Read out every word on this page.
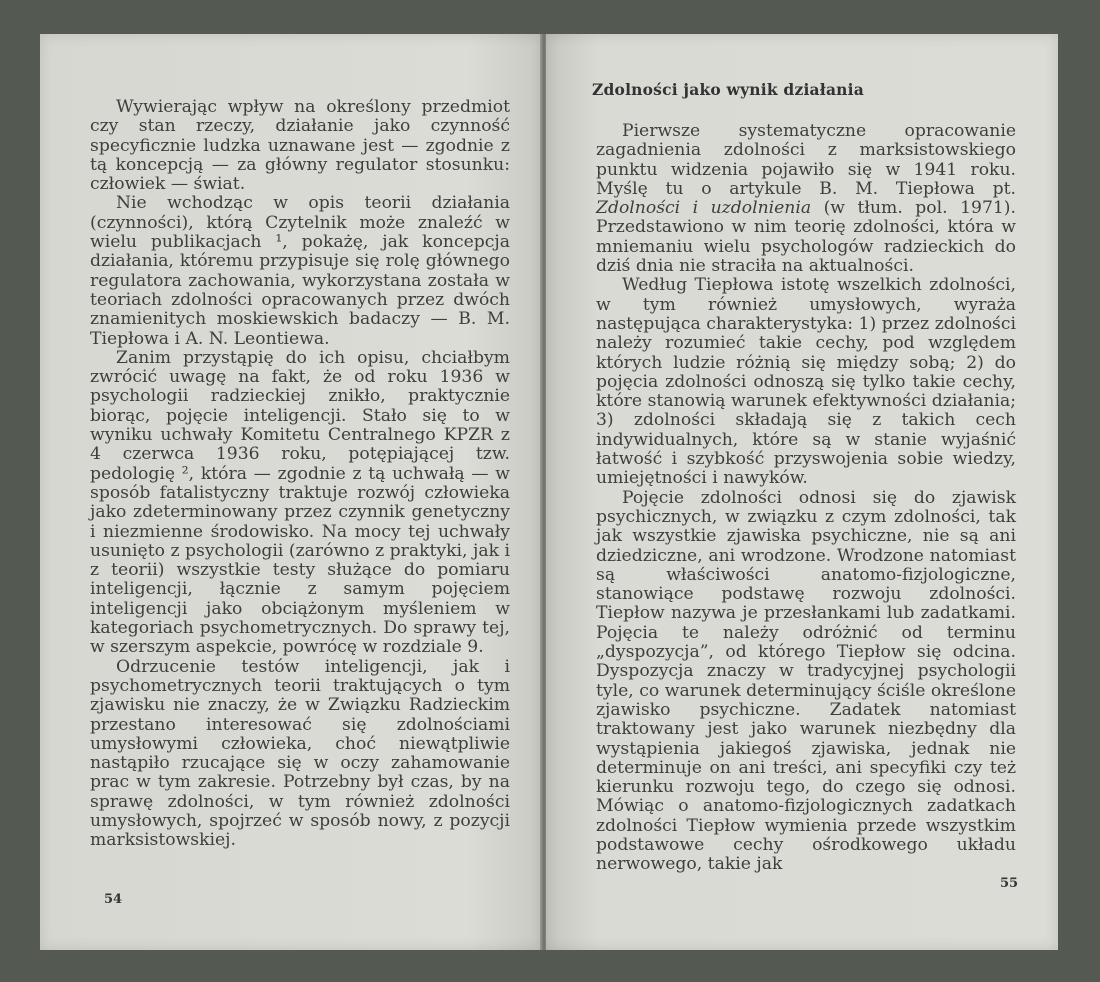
Wywierając wpływ na określony przedmiot czy stan rzeczy, działanie jako czynność specyficznie ludzka uznawane jest — zgodnie z tą koncepcją — za główny regulator stosunku: człowiek — świat.

Nie wchodząc w opis teorii działania (czynności), którą Czytelnik może znaleźć w wielu publikacjach ¹, pokażę, jak koncepcja działania, któremu przypisuje się rolę głównego regulatora zachowania, wykorzystana została w teoriach zdolności opracowanych przez dwóch znamienitych moskiewskich badaczy — B. M. Tiepłowa i A. N. Leontiewa.

Zanim przystąpię do ich opisu, chciałbym zwrócić uwagę na fakt, że od roku 1936 w psychologii radzieckiej znikło, praktycznie biorąc, pojęcie inteligencji. Stało się to w wyniku uchwały Komitetu Centralnego KPZR z 4 czerwca 1936 roku, potępiającej tzw. pedologię ², która — zgodnie z tą uchwałą — w sposób fatalistyczny traktuje rozwój człowieka jako zdeterminowany przez czynnik genetyczny i niezmienne środowisko. Na mocy tej uchwały usunięto z psychologii (zarówno z praktyki, jak i z teorii) wszystkie testy służące do pomiaru inteligencji, łącznie z samym pojęciem inteligencji jako obciążonym myśleniem w kategoriach psychometrycznych. Do sprawy tej, w szerszym aspekcie, powrócę w rozdziale 9.

Odrzucenie testów inteligencji, jak i psychometrycznych teorii traktujących o tym zjawisku nie znaczy, że w Związku Radzieckim przestano interesować się zdolnościami umysłowymi człowieka, choć niewątpliwie nastąpiło rzucające się w oczy zahamowanie prac w tym zakresie. Potrzebny był czas, by na sprawę zdolności, w tym również zdolności umysłowych, spojrzeć w sposób nowy, z pozycji marksistowskiej.

54
Zdolności jako wynik działania

Pierwsze systematyczne opracowanie zagadnienia zdolności z marksistowskiego punktu widzenia pojawiło się w 1941 roku. Myślę tu o artykule B. M. Tiepłowa pt. Zdolności i uzdolnienia (w tłum. pol. 1971). Przedstawiono w nim teorię zdolności, która w mniemaniu wielu psychologów radzieckich do dziś dnia nie straciła na aktualności.

Według Tiepłowa istotę wszelkich zdolności, w tym również umysłowych, wyraża następująca charakterystyka: 1) przez zdolności należy rozumieć takie cechy, pod względem których ludzie różnią się między sobą; 2) do pojęcia zdolności odnoszą się tylko takie cechy, które stanowią warunek efektywności działania; 3) zdolności składają się z takich cech indywidualnych, które są w stanie wyjaśnić łatwość i szybkość przyswojenia sobie wiedzy, umiejętności i nawyków.

Pojęcie zdolności odnosi się do zjawisk psychicznych, w związku z czym zdolności, tak jak wszystkie zjawiska psychiczne, nie są ani dziedziczne, ani wrodzone. Wrodzone natomiast są właściwości anatomo-fizjologiczne, stanowiące podstawę rozwoju zdolności. Tiepłow nazywa je przesłankami lub zadatkami. Pojęcia te należy odróżnić od terminu „dyspozycja”, od którego Tiepłow się odcina. Dyspozycja znaczy w tradycyjnej psychologii tyle, co warunek determinujący ściśle określone zjawisko psychiczne. Zadatek natomiast traktowany jest jako warunek niezbędny dla wystąpienia jakiegoś zjawiska, jednak nie determinuje on ani treści, ani specyfiki czy też kierunku rozwoju tego, do czego się odnosi. Mówiąc o anatomo-fizjologicznych zadatkach zdolności Tiepłow wymienia przede wszystkim podstawowe cechy ośrodkowego układu nerwowego, takie jak

55
